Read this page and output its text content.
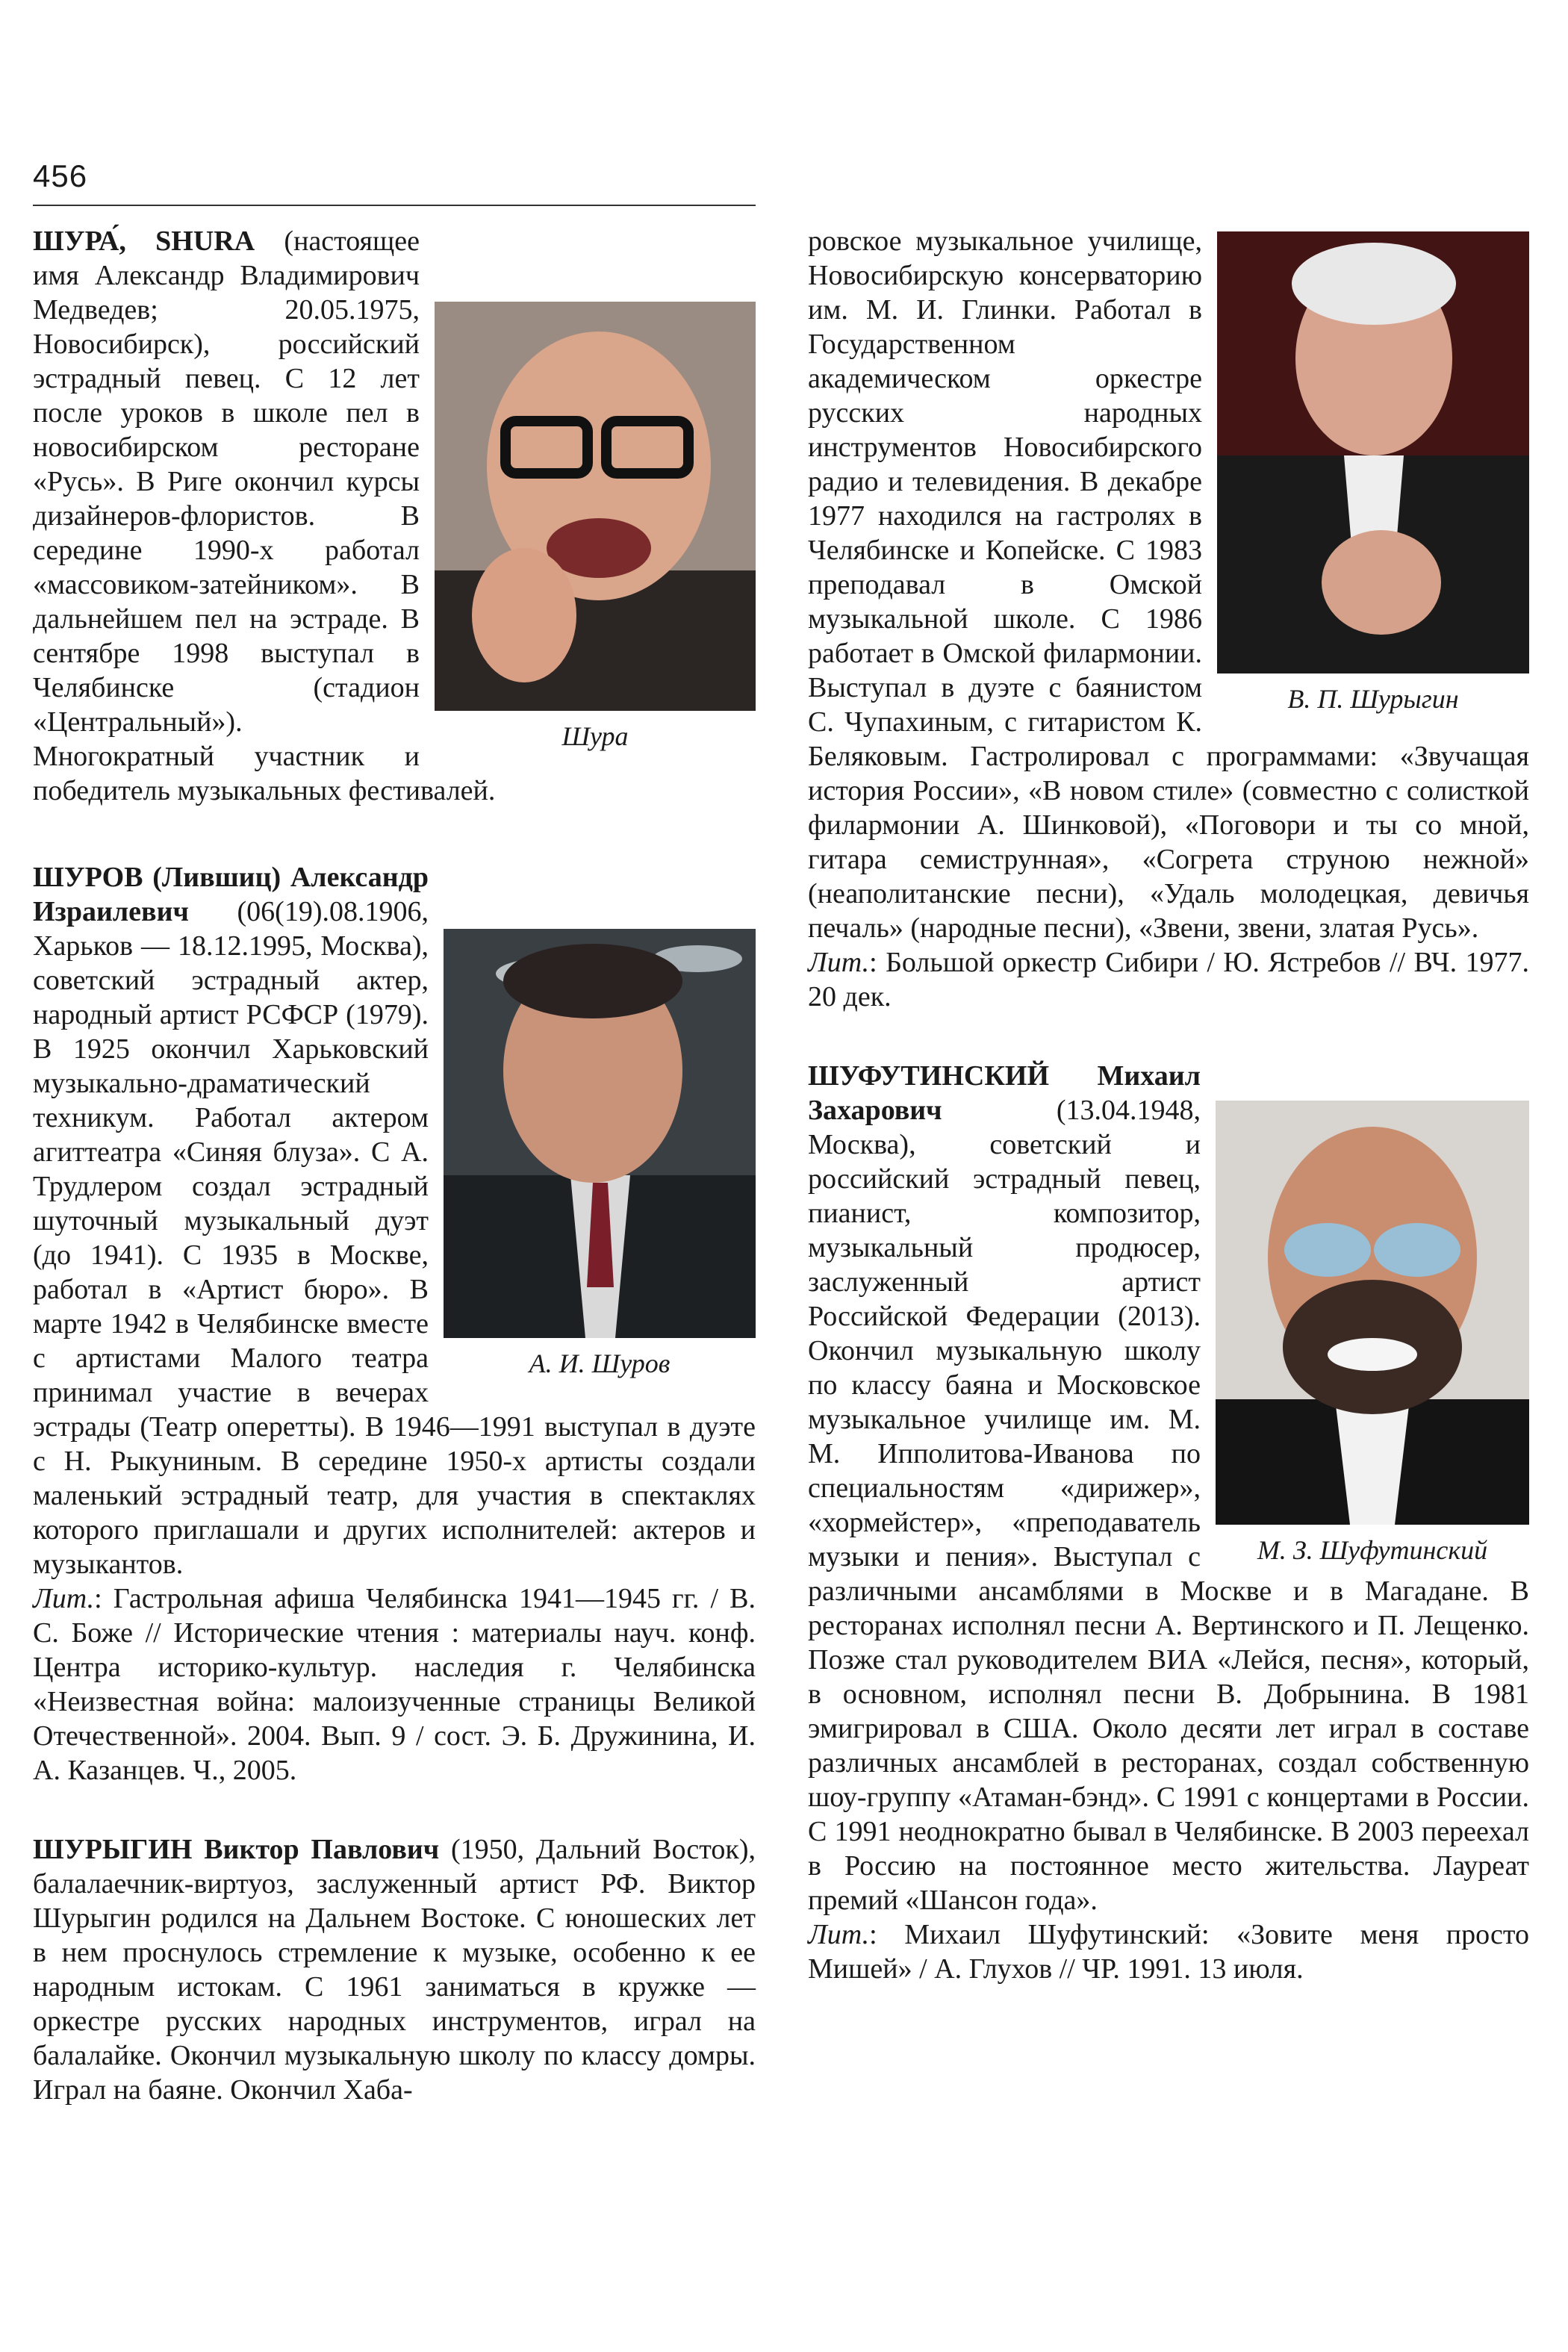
456
Шура

ШУРА́, SHURA (настоящее имя Александр Владимирович Медведев; 20.05.1975, Новосибирск), российский эстрадный певец. С 12 лет после уроков в школе пел в новосибирском ресторане «Русь». В Риге окончил курсы дизайнеров-флористов. В середине 1990-х работал «массовиком-затейником». В дальнейшем пел на эстраде. В сентябре 1998 выступал в Челябинске (стадион «Центральный»). Многократный участник и победитель музыкальных фестивалей.

А. И. Шуров

ШУРОВ (Лившиц) Александр Израилевич (06(19).08.1906, Харьков — 18.12.1995, Москва), советский эстрадный актер, народный артист РСФСР (1979). В 1925 окончил Харьковский музыкально-драматический техникум. Работал актером агиттеатра «Синяя блуза». С А. Трудлером создал эстрадный шуточный музыкальный дуэт (до 1941). С 1935 в Москве, работал в «Артист бюро». В марте 1942 в Челябинске вместе с артистами Малого театра принимал участие в вечерах эстрады (Театр оперетты). В 1946—1991 выступал в дуэте с Н. Рыкуниным. В середине 1950-х артисты создали маленький эстрадный театр, для участия в спектаклях которого приглашали и других исполнителей: актеров и музыкантов.

Лит.: Гастрольная афиша Челябинска 1941—1945 гг. / В. С. Боже // Исторические чтения : материалы науч. конф. Центра историко-культур. наследия г. Челябинска «Неизвестная война: малоизученные страницы Великой Отечественной». 2004. Вып. 9 / сост. Э. Б. Дружинина, И. А. Казанцев. Ч., 2005.

ШУРЫГИН Виктор Павлович (1950, Дальний Восток), балалаечник-виртуоз, заслуженный артист РФ. Виктор Шурыгин родился на Дальнем Востоке. С юношеских лет в нем проснулось стремление к музыке, особенно к ее народным истокам. С 1961 заниматься в кружке — оркестре русских народных инструментов, играл на балалайке. Окончил музыкальную школу по классу домры. Играл на баяне. Окончил Хаба-

В. П. Шурыгин

ровское музыкальное училище, Новосибирскую консерваторию им. М. И. Глинки. Работал в Государственном академическом оркестре русских народных инструментов Новосибирского радио и телевидения. В декабре 1977 находился на гастролях в Челябинске и Копейске. С 1983 преподавал в Омской музыкальной школе. С 1986 работает в Омской филармонии. Выступал в дуэте с баянистом С. Чупахиным, с гитаристом К. Беляковым. Гастролировал с программами: «Звучащая история России», «В новом стиле» (совместно с солисткой филармонии А. Шинковой), «Поговори и ты со мной, гитара семиструнная», «Согрета струною нежной» (неаполитанские песни), «Удаль молодецкая, девичья печаль» (народные песни), «Звени, звени, златая Русь».

Лит.: Большой оркестр Сибири / Ю. Ястребов // ВЧ. 1977. 20 дек.

М. З. Шуфутинский

ШУФУТИНСКИЙ Михаил Захарович (13.04.1948, Москва), советский и российский эстрадный певец, пианист, композитор, музыкальный продюсер, заслуженный артист Российской Федерации (2013). Окончил музыкальную школу по классу баяна и Московское музыкальное училище им. М. М. Ипполитова-Иванова по специальностям «дирижер», «хормейстер», «преподаватель музыки и пения». Выступал с различными ансамблями в Москве и в Магадане. В ресторанах исполнял песни А. Вертинского и П. Лещенко. Позже стал руководителем ВИА «Лейся, песня», который, в основном, исполнял песни В. Добрынина. В 1981 эмигрировал в США. Около десяти лет играл в составе различных ансамблей в ресторанах, создал собственную шоу-группу «Атаман-бэнд». С 1991 с концертами в России. С 1991 неоднократно бывал в Челябинске. В 2003 переехал в Россию на постоянное место жительства. Лауреат премий «Шансон года».

Лит.: Михаил Шуфутинский: «Зовите меня просто Мишей» / А. Глухов // ЧР. 1991. 13 июля.
